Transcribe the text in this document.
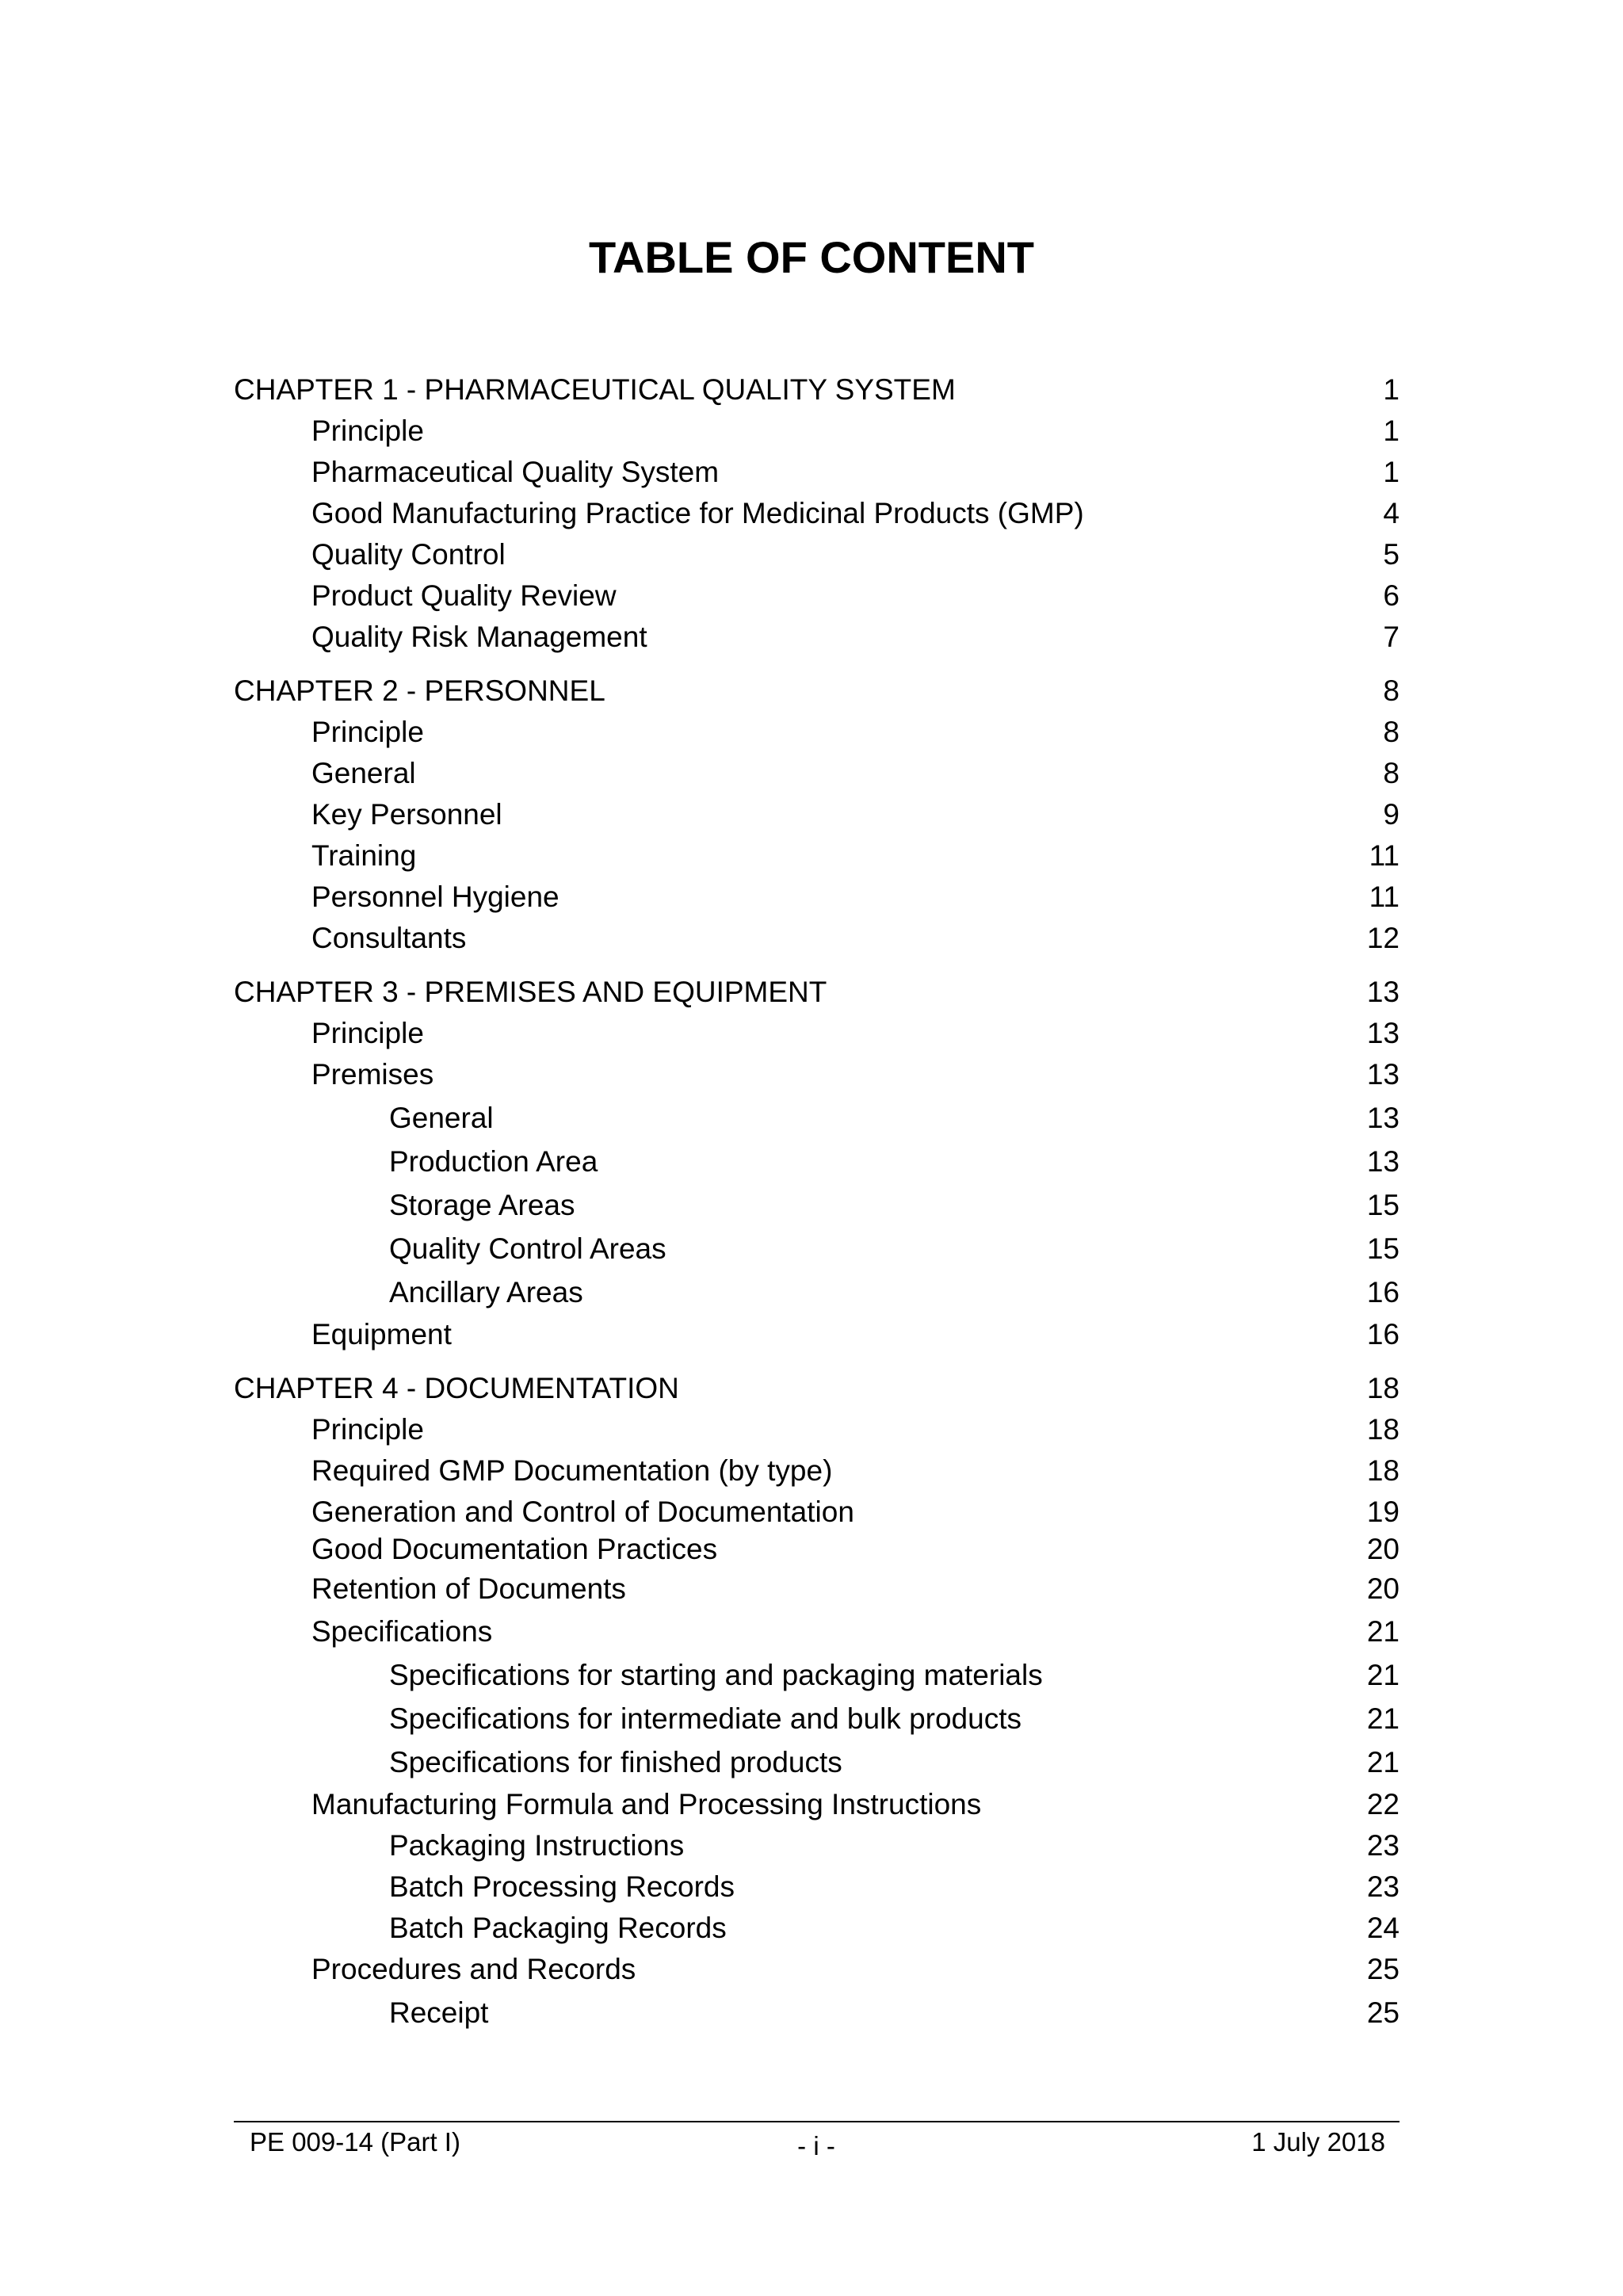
TABLE OF CONTENT
CHAPTER 1 - PHARMACEUTICAL QUALITY SYSTEM	1
Principle	1
Pharmaceutical Quality System	1
Good Manufacturing Practice for Medicinal Products (GMP)	4
Quality Control	5
Product Quality Review	6
Quality Risk Management	7
CHAPTER 2 - PERSONNEL	8
Principle	8
General	8
Key Personnel	9
Training	11
Personnel Hygiene	11
Consultants	12
CHAPTER 3 - PREMISES AND EQUIPMENT	13
Principle	13
Premises	13
General	13
Production Area	13
Storage Areas	15
Quality Control Areas	15
Ancillary Areas	16
Equipment	16
CHAPTER 4 - DOCUMENTATION	18
Principle	18
Required GMP Documentation (by type)	18
Generation and Control of Documentation	19
Good Documentation Practices	20
Retention of Documents	20
Specifications	21
Specifications for starting and packaging materials	21
Specifications for intermediate and bulk products	21
Specifications for finished products	21
Manufacturing Formula and Processing Instructions	22
Packaging Instructions	23
Batch Processing Records	23
Batch Packaging Records	24
Procedures and Records	25
Receipt	25
PE 009-14 (Part I)	- i -	1 July 2018
